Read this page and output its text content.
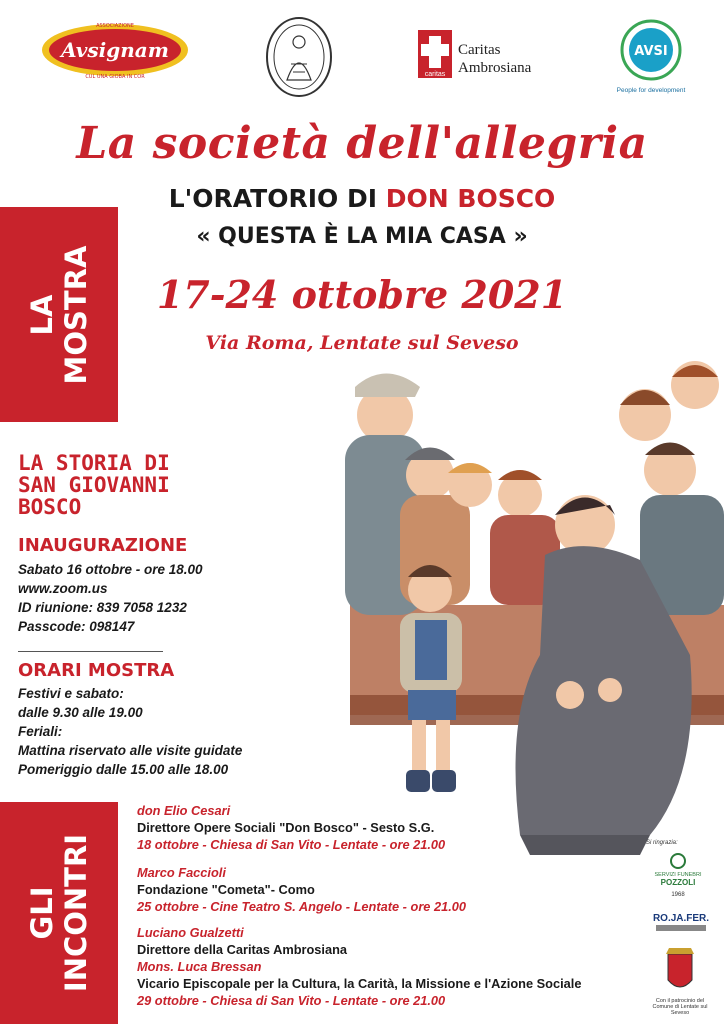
Avsignam
ASSOCIAZIONE
CUL UNA GIOBA IN COR	caritas
Caritas
Ambrosiana
AVSI
People for development
La società dell'allegria
L'ORATORIO DI DON BOSCO
« QUESTA È LA MIA CASA »
17-24 ottobre 2021
Via Roma, Lentate sul Seveso
LA
MOSTRA
GLI
INCONTRI
LA STORIA DI
SAN GIOVANNI
BOSCO
INAUGURAZIONE
Sabato 16 ottobre - ore 18.00
www.zoom.us
ID riunione: 839 7058 1232
Passcode: 098147
ORARI MOSTRA
Festivi e sabato:
dalle 9.30 alle 19.00
Feriali:
Mattina riservato alle visite guidate
Pomeriggio dalle 15.00 alle 18.00
don Elio Cesari
Direttore Opere Sociali "Don Bosco" - Sesto S.G.
18 ottobre - Chiesa di San Vito - Lentate - ore 21.00
Marco Faccioli
Fondazione "Cometa"- Como
25 ottobre - Cine Teatro S. Angelo - Lentate - ore 21.00
Luciano Gualzetti
Direttore della Caritas Ambrosiana
Mons. Luca Bressan
Vicario Episcopale per la Cultura, la Carità, la Missione e l'Azione Sociale
29 ottobre - Chiesa di San Vito - Lentate - ore 21.00
Si ringrazia:
SERVIZI FUNEBRI
POZZOLI
1968
RO.JA.FER.
Con il patrocinio del Comune di Lentate sul Seveso
